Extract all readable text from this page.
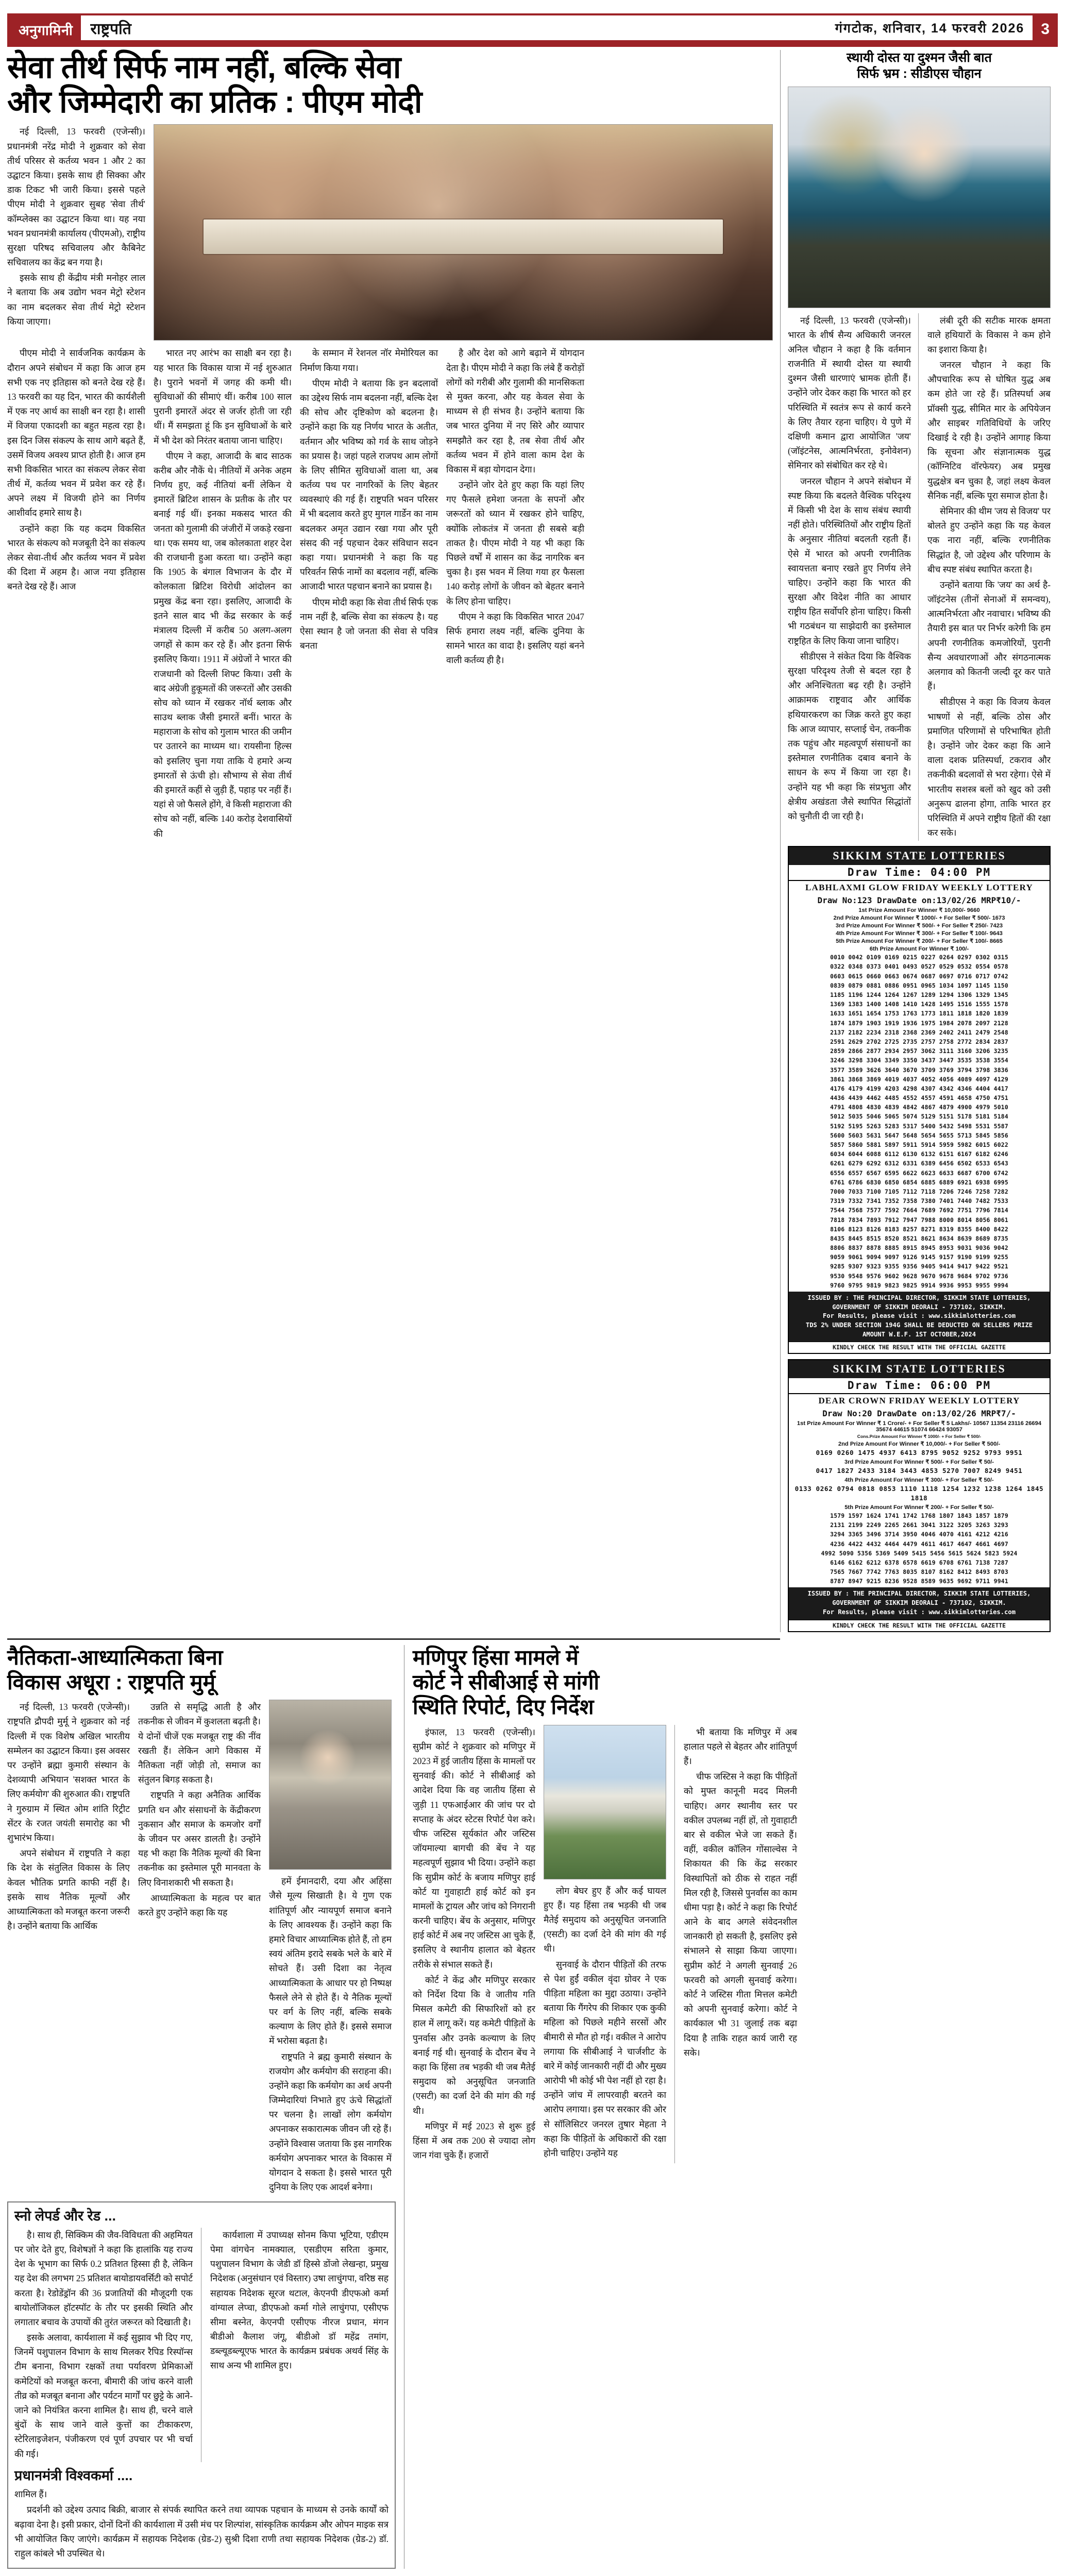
अनुगामिनी	राष्ट्रपति	गंगटोक, शनिवार, 14 फरवरी 2026	3
सेवा तीर्थ सिर्फ नाम नहीं, बल्कि सेवा
और जिम्मेदारी का प्रतिक : पीएम मोदी

नई दिल्ली, 13 फरवरी (एजेन्सी)। प्रधानमंत्री नरेंद्र मोदी ने शुक्रवार को सेवा तीर्थ परिसर से कर्तव्य भवन 1 और 2 का उद्घाटन किया। इसके साथ ही सिक्का और डाक टिकट भी जारी किया। इससे पहले पीएम मोदी ने शुक्रवार सुबह 'सेवा तीर्थ' कॉम्प्लेक्स का उद्घाटन किया था। यह नया भवन प्रधानमंत्री कार्यालय (पीएमओ), राष्ट्रीय सुरक्षा परिषद सचिवालय और कैबिनेट सचिवालय का केंद्र बन गया है।

इसके साथ ही केंद्रीय मंत्री मनोहर लाल ने बताया कि अब उद्योग भवन मेट्रो स्टेशन का नाम बदलकर सेवा तीर्थ मेट्रो स्टेशन किया जाएगा।

पीएम मोदी ने सार्वजनिक कार्यक्रम के दौरान अपने संबोधन में कहा कि आज हम सभी एक नए इतिहास को बनते देख रहे हैं। 13 फरवरी का यह दिन, भारत की कार्यशैली में एक नए आर्थ का साक्षी बन रहा है। शासी में विजया एकादशी का बहुत महत्व रहा है। इस दिन जिस संकल्प के साथ आगे बढ़ते हैं, उसमें विजय अवश्य प्राप्त होती है। आज हम सभी विकसित भारत का संकल्प लेकर सेवा तीर्थ में, कर्तव्य भवन में प्रवेश कर रहे हैं। अपने लक्ष्य में विजयी होने का निर्णय आशीर्वाद हमारे साथ है।

उन्होंने कहा कि यह कदम विकसित भारत के संकल्प को मजबूती देने का संकल्प लेकर सेवा-तीर्थ और कर्तव्य भवन में प्रवेश की दिशा में अहम है। आज नया इतिहास बनते देख रहे हैं। आज

भारत नए आरंभ का साक्षी बन रहा है। यह भारत कि विकास यात्रा में नई शुरुआत है। पुराने भवनों में जगह की कमी थी। सुविधाओं की सीमाएं थीं। करीब 100 साल पुरानी इमारतें अंदर से जर्जर होती जा रही थीं। मैं समझता हूं कि इन सुविधाओं के बारे में भी देश को निरंतर बताया जाना चाहिए।

पीएम ने कहा, आजादी के बाद साठक करीब और नौकें थे। नीतियों में अनेक अहम निर्णय हुए, कई नीतियां बनीं लेकिन ये इमारतें ब्रिटिश शासन के प्रतीक के तौर पर बनाई गई थीं। इनका मकसद भारत की जनता को गुलामी की जंजीरों में जकड़े रखना था। एक समय था, जब कोलकाता शहर देश की राजधानी हुआ करता था। उन्होंने कहा कि 1905 के बंगाल विभाजन के दौर में कोलकाता ब्रिटिश विरोधी आंदोलन का प्रमुख केंद्र बना रहा। इसलिए, आजादी के इतने साल बाद भी केंद्र सरकार के कई मंत्रालय दिल्ली में करीब 50 अलग-अलग जगहों से काम कर रहे हैं। और इतना सिर्फ इसलिए किया। 1911 में अंग्रेजों ने भारत की राजधानी को दिल्ली शिफ्ट किया। उसी के बाद अंग्रेजी हुकूमतों की जरूरतों और उसकी सोच को ध्यान में रखकर नॉर्थ ब्लाक और साउथ ब्लाक जैसी इमारतें बनीं। भारत के महाराजा के सोच को गुलाम भारत की जमीन पर उतारने का माध्यम था। रायसीना हिल्स को इसलिए चुना गया ताकि ये हमारे अन्य इमारतों से ऊंची हो। सौभाग्य से सेवा तीर्थ की इमारतें कहीं से जुड़ी हैं, पहाड़ पर नहीं हैं। यहां से जो फैसले होंगे, वे किसी महाराजा की सोच को नहीं, बल्कि 140 करोड़ देशवासियों की

के सम्मान में रेशनल नॉर मेमोरियल का निर्माण किया गया।

पीएम मोदी ने बताया कि इन बदलावों का उद्देश्य सिर्फ नाम बदलना नहीं, बल्कि देश की सोच और दृष्टिकोण को बदलना है। उन्होंने कहा कि यह निर्णय भारत के अतीत, वर्तमान और भविष्य को गर्व के साथ जोड़ने का प्रयास है। जहां पहले राजपथ आम लोगों के लिए सीमित सुविधाओं वाला था, अब कर्तव्य पथ पर नागरिकों के लिए बेहतर व्यवस्थाएं की गई हैं। राष्ट्रपति भवन परिसर में भी बदलाव करते हुए मुगल गार्डेन का नाम बदलकर अमृत उद्यान रखा गया और पूरी संसद की नई पहचान देकर संविधान सदन कहा गया। प्रधानमंत्री ने कहा कि यह परिवर्तन सिर्फ नामों का बदलाव नहीं, बल्कि आजादी भारत पहचान बनाने का प्रयास है।

पीएम मोदी कहा कि सेवा तीर्थ सिर्फ एक नाम नहीं है, बल्कि सेवा का संकल्प है। यह ऐसा स्थान है जो जनता की सेवा से पवित्र बनता

है और देश को आगे बढ़ाने में योगदान देता है। पीएम मोदी ने कहा कि लंबे हैं करोड़ों लोगों को गरीबी और गुलामी की मानसिकता से मुक्त करना, और यह केवल सेवा के माध्यम से ही संभव है। उन्होंने बताया कि जब भारत दुनिया में नए सिरे और व्यापार समझौते कर रहा है, तब सेवा तीर्थ और कर्तव्य भवन में होने वाला काम देश के विकास में बड़ा योगदान देगा।

उन्होंने जोर देते हुए कहा कि यहां लिए गए फैसले हमेशा जनता के सपनों और जरूरतों को ध्यान में रखकर होने चाहिए, क्योंकि लोकतंत्र में जनता ही सबसे बड़ी ताकत है। पीएम मोदी ने यह भी कहा कि पिछले वर्षों में शासन का केंद्र नागरिक बन चुका है। इस भवन में लिया गया हर फैसला 140 करोड़ लोगों के जीवन को बेहतर बनाने के लिए होना चाहिए।

पीएम ने कहा कि विकसित भारत 2047 सिर्फ हमारा लक्ष्य नहीं, बल्कि दुनिया के सामने भारत का वादा है। इसलिए यहां बनने वाली कर्तव्य ही है।

स्थायी दोस्त या दुश्मन जैसी बात
सिर्फ भ्रम : सीडीएस चौहान

नई दिल्ली, 13 फरवरी (एजेन्सी)। भारत के शीर्ष सैन्य अधिकारी जनरल अनिल चौहान ने कहा है कि वर्तमान राजनीति में स्थायी दोस्त या स्थायी दुश्मन जैसी धारणाएं भ्रामक होती हैं। उन्होंने जोर देकर कहा कि भारत को हर परिस्थिति में स्वतंत्र रूप से कार्य करने के लिए तैयार रहना चाहिए। ये पुणे में दक्षिणी कमान द्वारा आयोजित 'जय' (जॉइंटनेस, आत्मनिर्भरता, इनोवेशन) सेमिनार को संबोधित कर रहे थे।

जनरल चौहान ने अपने संबोधन में स्पष्ट किया कि बदलते वैश्विक परिदृश्य में किसी भी देश के साथ संबंध स्थायी नहीं होते। परिस्थितियों और राष्ट्रीय हितों के अनुसार नीतियां बदलती रहती हैं। ऐसे में भारत को अपनी रणनीतिक स्वायत्तता बनाए रखते हुए निर्णय लेने चाहिए। उन्होंने कहा कि भारत की सुरक्षा और विदेश नीति का आधार राष्ट्रीय हित सर्वोपरि होना चाहिए। किसी भी गठबंधन या साझेदारी का इस्तेमाल राष्ट्रहित के लिए किया जाना चाहिए।

सीडीएस ने संकेत दिया कि वैश्विक सुरक्षा परिदृश्य तेजी से बदल रहा है और अनिश्चितता बढ़ रही है। उन्होंने आक्रामक राष्ट्रवाद और आर्थिक हथियारकरण का जिक्र करते हुए कहा कि आज व्यापार, सप्लाई चेन, तकनीक तक पहुंच और महत्वपूर्ण संसाधनों का इस्तेमाल रणनीतिक दबाव बनाने के साधन के रूप में किया जा रहा है। उन्होंने यह भी कहा कि संप्रभुता और क्षेत्रीय अखंडता जैसे स्थापित सिद्धांतों को चुनौती दी जा रही है।

लंबी दूरी की सटीक मारक क्षमता वाले हथियारों के विकास ने कम होने का इशारा किया है।

जनरल चौहान ने कहा कि औपचारिक रूप से घोषित युद्ध अब कम होते जा रहे हैं। प्रतिस्पर्धा अब प्रॉक्सी युद्ध, सीमित मार के अपियेजन और साइबर गतिविधियों के जरिए दिखाई दे रही है। उन्होंने आगाह किया कि सूचना और संज्ञानात्मक युद्ध (कॉग्निटिव वॉरफेयर) अब प्रमुख युद्धक्षेत्र बन चुका है, जहां लक्ष्य केवल सैनिक नहीं, बल्कि पूरा समाज होता है।

सेमिनार की थीम 'जय से विजय' पर बोलते हुए उन्होंने कहा कि यह केवल एक नारा नहीं, बल्कि रणनीतिक सिद्धांत है, जो उद्देश्य और परिणाम के बीच स्पष्ट संबंध स्थापित करता है।

उन्होंने बताया कि 'जय' का अर्थ है- जॉइंटनेस (तीनों सेनाओं में समन्वय), आत्मनिर्भरता और नवाचार। भविष्य की तैयारी इस बात पर निर्भर करेगी कि हम अपनी रणनीतिक कमजोरियों, पुरानी सैन्य अवधारणाओं और संगठनात्मक अलगाव को कितनी जल्दी दूर कर पाते हैं।

सीडीएस ने कहा कि विजय केवल भाषणों से नहीं, बल्कि ठोस और प्रमाणित परिणामों से परिभाषित होती है। उन्होंने जोर देकर कहा कि आने वाला दशक प्रतिस्पर्धा, टकराव और तकनीकी बदलावों से भरा रहेगा। ऐसे में भारतीय सशस्त्र बलों को खुद को उसी अनुरूप ढालना होगा, ताकि भारत हर परिस्थिति में अपने राष्ट्रीय हितों की रक्षा कर सके।

SIKKIM STATE LOTTERIES
Draw Time: 04:00 PM
LABHLAXMI GLOW FRIDAY WEEKLY LOTTERY
Draw No:123 DrawDate on:13/02/26 MRP₹10/-
1st Prize Amount For Winner ₹ 10,000/- 9660
2nd Prize Amount For Winner ₹ 1000/- + For Seller ₹ 500/- 1673
3rd Prize Amount For Winner ₹ 500/- + For Seller ₹ 250/- 7423
4th Prize Amount For Winner ₹ 300/- + For Seller ₹ 100/- 9643
5th Prize Amount For Winner ₹ 200/- + For Seller ₹ 100/- 8665
6th Prize Amount For Winner ₹ 100/-
0010 0042 0109 0169 0215 0227 0264 0297 0302 0315
0322 0348 0373 0401 0493 0527 0529 0532 0554 0578
0603 0615 0660 0663 0674 0687 0697 0716 0717 0742
0839 0879 0881 0886 0951 0965 1034 1097 1145 1150
1185 1196 1244 1264 1267 1289 1294 1306 1329 1345
1369 1383 1400 1408 1410 1428 1495 1516 1555 1578
1633 1651 1654 1753 1763 1773 1811 1818 1820 1839
1874 1879 1903 1919 1936 1975 1984 2078 2097 2128
2137 2182 2234 2318 2368 2369 2402 2411 2479 2548
2591 2629 2702 2725 2735 2757 2758 2772 2834 2837
2859 2866 2877 2934 2957 3062 3111 3160 3206 3235
3246 3298 3304 3349 3350 3437 3447 3535 3538 3554
3577 3589 3626 3640 3670 3709 3769 3794 3798 3836
3861 3868 3869 4019 4037 4052 4056 4089 4097 4129
4176 4179 4199 4203 4298 4307 4342 4346 4404 4417
4436 4439 4462 4485 4552 4557 4591 4658 4750 4751
4791 4808 4830 4839 4842 4867 4879 4900 4979 5010
5012 5035 5046 5065 5074 5129 5151 5178 5181 5184
5192 5195 5263 5283 5317 5400 5432 5498 5531 5587
5600 5603 5631 5647 5648 5654 5655 5713 5845 5856
5857 5860 5881 5897 5911 5914 5959 5982 6015 6022
6034 6044 6088 6112 6130 6132 6151 6167 6182 6246
6261 6279 6292 6312 6331 6389 6456 6502 6533 6543
6556 6557 6567 6595 6622 6623 6633 6687 6700 6742
6761 6786 6830 6850 6854 6885 6889 6921 6938 6995
7000 7033 7100 7105 7112 7118 7206 7246 7258 7282
7319 7332 7341 7352 7358 7380 7401 7440 7482 7533
7544 7568 7577 7592 7664 7689 7692 7751 7796 7814
7818 7834 7893 7912 7947 7988 8000 8014 8056 8061
8106 8123 8126 8183 8257 8271 8319 8355 8400 8422
8435 8445 8515 8520 8521 8621 8634 8639 8689 8735
8806 8837 8878 8885 8915 8945 8953 9031 9036 9042
9059 9061 9094 9097 9126 9145 9157 9190 9199 9255
9285 9307 9323 9355 9356 9405 9414 9417 9422 9521
9530 9548 9576 9602 9628 9670 9678 9684 9702 9736
9760 9795 9819 9823 9825 9914 9936 9953 9955 9994
ISSUED BY : THE PRINCIPAL DIRECTOR, SIKKIM STATE LOTTERIES,
GOVERNMENT OF SIKKIM DEORALI - 737102, SIKKIM.
For Results, please visit : www.sikkimlotteries.com
TDS 2% UNDER SECTION 194G SHALL BE DEDUCTED ON SELLERS PRIZE
AMOUNT W.E.F. 1ST OCTOBER,2024
KINDLY CHECK THE RESULT WITH THE OFFICIAL GAZETTE
SIKKIM STATE LOTTERIES
Draw Time: 06:00 PM
DEAR CROWN FRIDAY WEEKLY LOTTERY
Draw No:20 DrawDate on:13/02/26 MRP₹7/-
1st Prize Amount For Winner ₹ 1 Crore/- + For Seller ₹ 5 Lakhs/- 10567 11354 23116 26694 35674 44615 51074 66424 93057
Cons.Prize Amount For Winner ₹ 1000/- + For Seller ₹ 500/-
2nd Prize Amount For Winner ₹ 10,000/- + For Seller ₹ 500/-
0169 0260 1475 4937 6413 8795 9052 9252 9793 9951
3rd Prize Amount For Winner ₹ 500/- + For Seller ₹ 50/-
0417 1827 2433 3184 3443 4853 5270 7007 8249 9451
4th Prize Amount For Winner ₹ 300/- + For Seller ₹ 50/-
0133 0262 0794 0818 0853 1110 1118 1254 1232 1238 1264 1845 1818
5th Prize Amount For Winner ₹ 200/- + For Seller ₹ 50/-
1579 1597 1624 1741 1742 1768 1807 1843 1857 1879
2131 2199 2249 2265 2661 3041 3122 3205 3263 3293
3294 3365 3496 3714 3950 4046 4070 4161 4212 4216
4236 4422 4432 4464 4479 4611 4617 4647 4661 4697
4992 5090 5356 5369 5409 5415 5456 5615 5624 5823 5924
6146 6162 6212 6378 6578 6619 6708 6761 7138 7287
7565 7667 7742 7763 8035 8107 8162 8412 8493 8703
8787 8947 9215 8236 9528 8589 9635 9692 9711 9941
ISSUED BY : THE PRINCIPAL DIRECTOR, SIKKIM STATE LOTTERIES,
GOVERNMENT OF SIKKIM DEORALI - 737102, SIKKIM.
For Results, please visit : www.sikkimlotteries.com
KINDLY CHECK THE RESULT WITH THE OFFICIAL GAZETTE
नैतिकता-आध्यात्मिकता बिना
विकास अधूरा : राष्ट्रपति मुर्मू

नई दिल्ली, 13 फरवरी (एजेन्सी)। राष्ट्रपति द्रौपदी मुर्मू ने शुक्रवार को नई दिल्ली में एक विशेष अखिल भारतीय सम्मेलन का उद्घाटन किया। इस अवसर पर उन्होंने ब्रह्मा कुमारी संस्थान के देशव्यापी अभियान 'सशक्त भारत के लिए कर्मयोग' की शुरुआत की। राष्ट्रपति ने गुरुग्राम में स्थित ओम शांति रिट्रीट सेंटर के रजत जयंती समारोह का भी शुभारंभ किया।

अपने संबोधन में राष्ट्रपति ने कहा कि देश के संतुलित विकास के लिए केवल भौतिक प्रगति काफी नहीं है। इसके साथ नैतिक मूल्यों और आध्यात्मिकता को मजबूत करना जरूरी है। उन्होंने बताया कि आर्थिक

उन्नति से समृद्धि आती है और तकनीक से जीवन में कुशलता बढ़ती है। ये दोनों चीजें एक मजबूत राष्ट्र की नींव रखती हैं। लेकिन आगे विकास में नैतिकता नहीं जोड़ी तो, समाज का संतुलन बिगड़ सकता है।

राष्ट्रपति ने कहा अनैतिक आर्थिक प्रगति धन और संसाधनों के केंद्रीकरण नुकसान और समाज के कमजोर वर्गों के जीवन पर असर डालती है। उन्होंने यह भी कहा कि नैतिक मूल्यों की बिना तकनीक का इस्तेमाल पूरी मानवता के लिए विनाशकारी भी सकता है।

आध्यात्मिकता के महत्व पर बात करते हुए उन्होंने कहा कि यह

हमें ईमानदारी, दया और अहिंसा जैसे मूल्य सिखाती है। ये गुण एक शांतिपूर्ण और न्यायपूर्ण समाज बनाने के लिए आवश्यक हैं। उन्होंने कहा कि हमारे विचार आध्यात्मिक होते हैं, तो हम स्वयं अंतिम इरादे सबके भले के बारे में सोचते हैं। उसी दिशा का नेतृत्व आध्यात्मिकता के आधार पर हो निष्पक्ष फैसले लेने से होते हैं। ये नैतिक मूल्यों पर वर्ग के लिए नहीं, बल्कि सबके कल्याण के लिए होते हैं। इससे समाज में भरोसा बढ़ता है।

राष्ट्रपति ने ब्रह्म कुमारी संस्थान के राजयोग और कर्मयोग की सराहना की। उन्होंने कहा कि कर्मयोग का अर्थ अपनी जिम्मेदारियां निभाते हुए ऊंचे सिद्धांतों पर चलना है। लाखों लोग कर्मयोग अपनाकर सकारात्मक जीवन जी रहे हैं। उन्होंने विश्वास जताया कि इस नागरिक कर्मयोग अपनाकर भारत के विकास में योगदान दे सकता है। इससे भारत पूरी दुनिया के लिए एक आदर्श बनेगा।

स्नो लेपर्ड और रेड ...

है। साथ ही, सिक्किम की जैव-विविधता की अहमियत पर जोर देते हुए, विशेषज्ञों ने कहा कि हालांकि यह राज्य देश के भूभाग का सिर्फ 0.2 प्रतिशत हिस्सा ही है, लेकिन यह देश की लगभग 25 प्रतिशत बायोडायवर्सिटी को सपोर्ट करता है। रेडोडेंड्रॉन की 36 प्रजातियों की मौजूदगी एक बायोलॉजिकल हॉटस्पॉट के तौर पर इसकी स्थिति और लगातार बचाव के उपायों की तुरंत जरूरत को दिखाती है।

इसके अलावा, कार्यशाला में कई सुझाव भी दिए गए, जिनमें पशुपालन विभाग के साथ मिलकर रैपिड रिस्पॉन्स टीम बनाना, विभाग रक्षकों तथा पर्यावरण प्रेमिकाओं कमेटियों को मजबूत करना, बीमारी की जांच करने वाली तीव्र को मजबूत बनाना और पर्यटन मार्गों पर छुट्टे के आने-जाने को नियंत्रित करना शामिल है। साथ ही, चरने वाले बुंदों के साथ जाने वाले कुत्तों का टीकाकरण, स्टेरिलाइजेशन, पंजीकरण एवं पूर्ण उपचार पर भी चर्चा की गई।

कार्यशाला में उपाध्यक्ष सोनम किपा भूटिया, एडीएम पेमा वांगचेन नामक्याल, एसडीएम सरिता कुमार, पशुपालन विभाग के जेडी डॉ हिस्से डोंजो लेखन्हा, प्रमुख निदेशक (अनुसंधान एवं विस्तार) उषा लाचुंगपा, वरिष्ठ सह सहायक निदेशक सूरज थटाल, केएनपी डीएफओ कर्मा वांग्याल लेप्चा, डीएफओ कर्मा गोले लाचुंगपा, एसीएफ सीमा बस्नेत, केएनपी एसीएफ नीरज प्रधान, मंगन बीडीओ कैलाश जंगू, बीडीओ डॉ महेंद्र तमांग, डब्ल्यूडब्ल्यूएफ भारत के कार्यक्रम प्रबंधक अथर्व सिंह के साथ अन्य भी शामिल हुए।

प्रधानमंत्री विश्वकर्मा ....

शामिल हैं।

प्रदर्शनी को उद्देश्य उत्पाद बिक्री, बाजार से संपर्क स्थापित करने तथा व्यापक पहचान के माध्यम से उनके कार्यों को बढ़ावा देना है। इसी प्रकार, दोनों दिनों की कार्यशाला में उसी मंच पर शिल्पांश, सांस्कृतिक कार्यक्रम और ओपन माइक सत्र भी आयोजित किए जाएंगे। कार्यक्रम में सहायक निदेशक (ग्रेड-2) सुश्री दिशा राणी तथा सहायक निदेशक (ग्रेड-2) डॉ. राहुल कांबले भी उपस्थित थे।

मणिपुर हिंसा मामले में
कोर्ट ने सीबीआई से मांगी
स्थिति रिपोर्ट, दिए निर्देश

इंफाल, 13 फरवरी (एजेन्सी)। सुप्रीम कोर्ट ने शुक्रवार को मणिपुर में 2023 में हुई जातीय हिंसा के मामलों पर सुनवाई की। कोर्ट ने सीबीआई को आदेश दिया कि वह जातीय हिंसा से जुड़ी 11 एफआईआर की जांच पर दो सप्ताह के अंदर स्टेटस रिपोर्ट पेश करे। चीफ जस्टिस सूर्यकांत और जस्टिस जॉयमाल्या बागची की बेंच ने यह महत्वपूर्ण सुझाव भी दिया। उन्होंने कहा कि सुप्रीम कोर्ट के बजाय मणिपुर हाई कोर्ट या गुवाहाटी हाई कोर्ट को इन मामलों के ट्रायल और जांच को निगरानी करनी चाहिए। बेंच के अनुसार, मणिपुर हाई कोर्ट में अब नए जस्टिस आ चुके हैं, इसलिए वे स्थानीय हालात को बेहतर तरीके से संभाल सकते हैं।

कोर्ट ने केंद्र और मणिपुर सरकार को निर्देश दिया कि वे जातीय गति मिसल कमेटी की सिफारिशों को हर हाल में लागू करें। यह कमेटी पीड़ितों के पुनर्वास और उनके कल्याण के लिए बनाई गई थी। सुनवाई के दौरान बेंच ने कहा कि हिंसा तब भड़की थी जब मैतेई समुदाय को अनुसूचित जनजाति (एसटी) का दर्जा देने की मांग की गई थी।

मणिपुर में मई 2023 से शुरू हुई हिंसा में अब तक 200 से ज्यादा लोग जान गंवा चुके हैं। हजारों

लोग बेघर हुए हैं और कई घायल हुए हैं। यह हिंसा तब भड़की थी जब मैतेई समुदाय को अनुसूचित जनजाति (एसटी) का दर्जा देने की मांग की गई थी।

सुनवाई के दौरान पीड़ितों की तरफ से पेश हुईं वकील वृंदा ग्रोवर ने एक पीड़िता महिला का मुद्दा उठाया। उन्होंने बताया कि गैंगरेप की शिकार एक कुकी महिला को पिछले महीने सरसों और बीमारी से मौत हो गई। वकील ने आरोप लगाया कि सीबीआई ने चार्जशीट के बारे में कोई जानकारी नहीं दी और मुख्य आरोपी भी कोई भी पेश नहीं हो रहा है। उन्होंने जांच में लापरवाही बरतने का आरोप लगाया। इस पर सरकार की ओर से सॉलिसिटर जनरल तुषार मेहता ने कहा कि पीड़ितों के अधिकारों की रक्षा होनी चाहिए। उन्होंने यह

भी बताया कि मणिपुर में अब हालात पहले से बेहतर और शांतिपूर्ण हैं।

चीफ जस्टिस ने कहा कि पीड़ितों को मुफ्त कानूनी मदद मिलनी चाहिए। अगर स्थानीय स्तर पर वकील उपलब्ध नहीं हों, तो गुवाहाटी बार से वकील भेजे जा सकते हैं। वहीं, वकील कॉलिन गोंसाल्वेस ने शिकायत की कि केंद्र सरकार विस्थापितों को ठीक से राहत नहीं मिल रही है, जिससे पुनर्वास का काम धीमा पड़ा है। कोर्ट ने कहा कि रिपोर्ट आने के बाद अगले संवेदनशील जानकारी हो सकती है, इसलिए इसे संभालने से साझा किया जाएगा। सुप्रीम कोर्ट ने अगली सुनवाई 26 फरवरी को अगली सुनवाई करेगा। कोर्ट ने जस्टिस गीता मित्तल कमेटी को अपनी सुनवाई करेगा। कोर्ट ने कार्यकाल भी 31 जुलाई तक बढ़ा दिया है ताकि राहत कार्य जारी रह सके।
